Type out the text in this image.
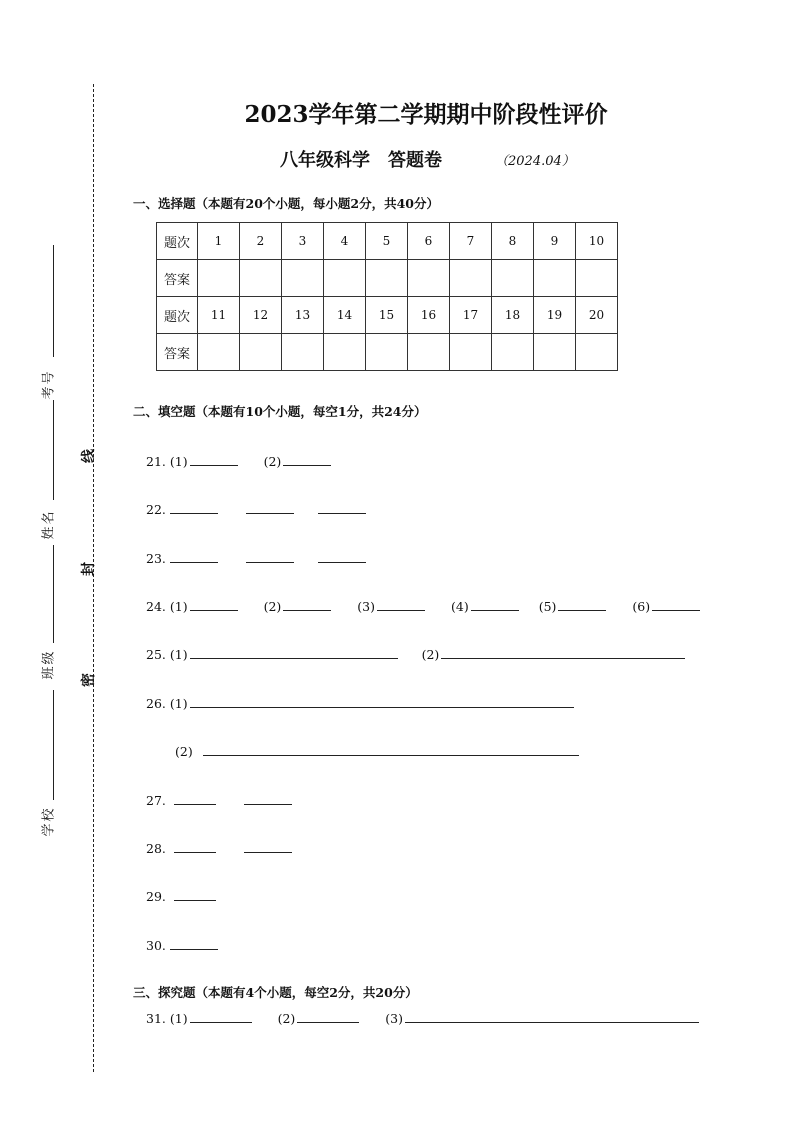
考号
姓名
班级
学校
线
封
密
2023学年第二学期期中阶段性评价
八年级科学　答题卷	（2024.04）
一、选择题（本题有20个小题，每小题2分，共40分）
题次	1	2	3	4	5	6	7	8	9	10
答案										
题次	11	12	13	14	15	16	17	18	19	20
答案										
二、填空题（本题有10个小题，每空1分，共24分）
21. (1)	(2)
22.
23.
24. (1)	(2)	(3)	(4)	(5)	(6)
25. (1)	(2)
26. (1)
(2)
27.
28.
29.
30.
三、探究题（本题有4个小题，每空2分，共20分）
31. (1)	(2)	(3)
